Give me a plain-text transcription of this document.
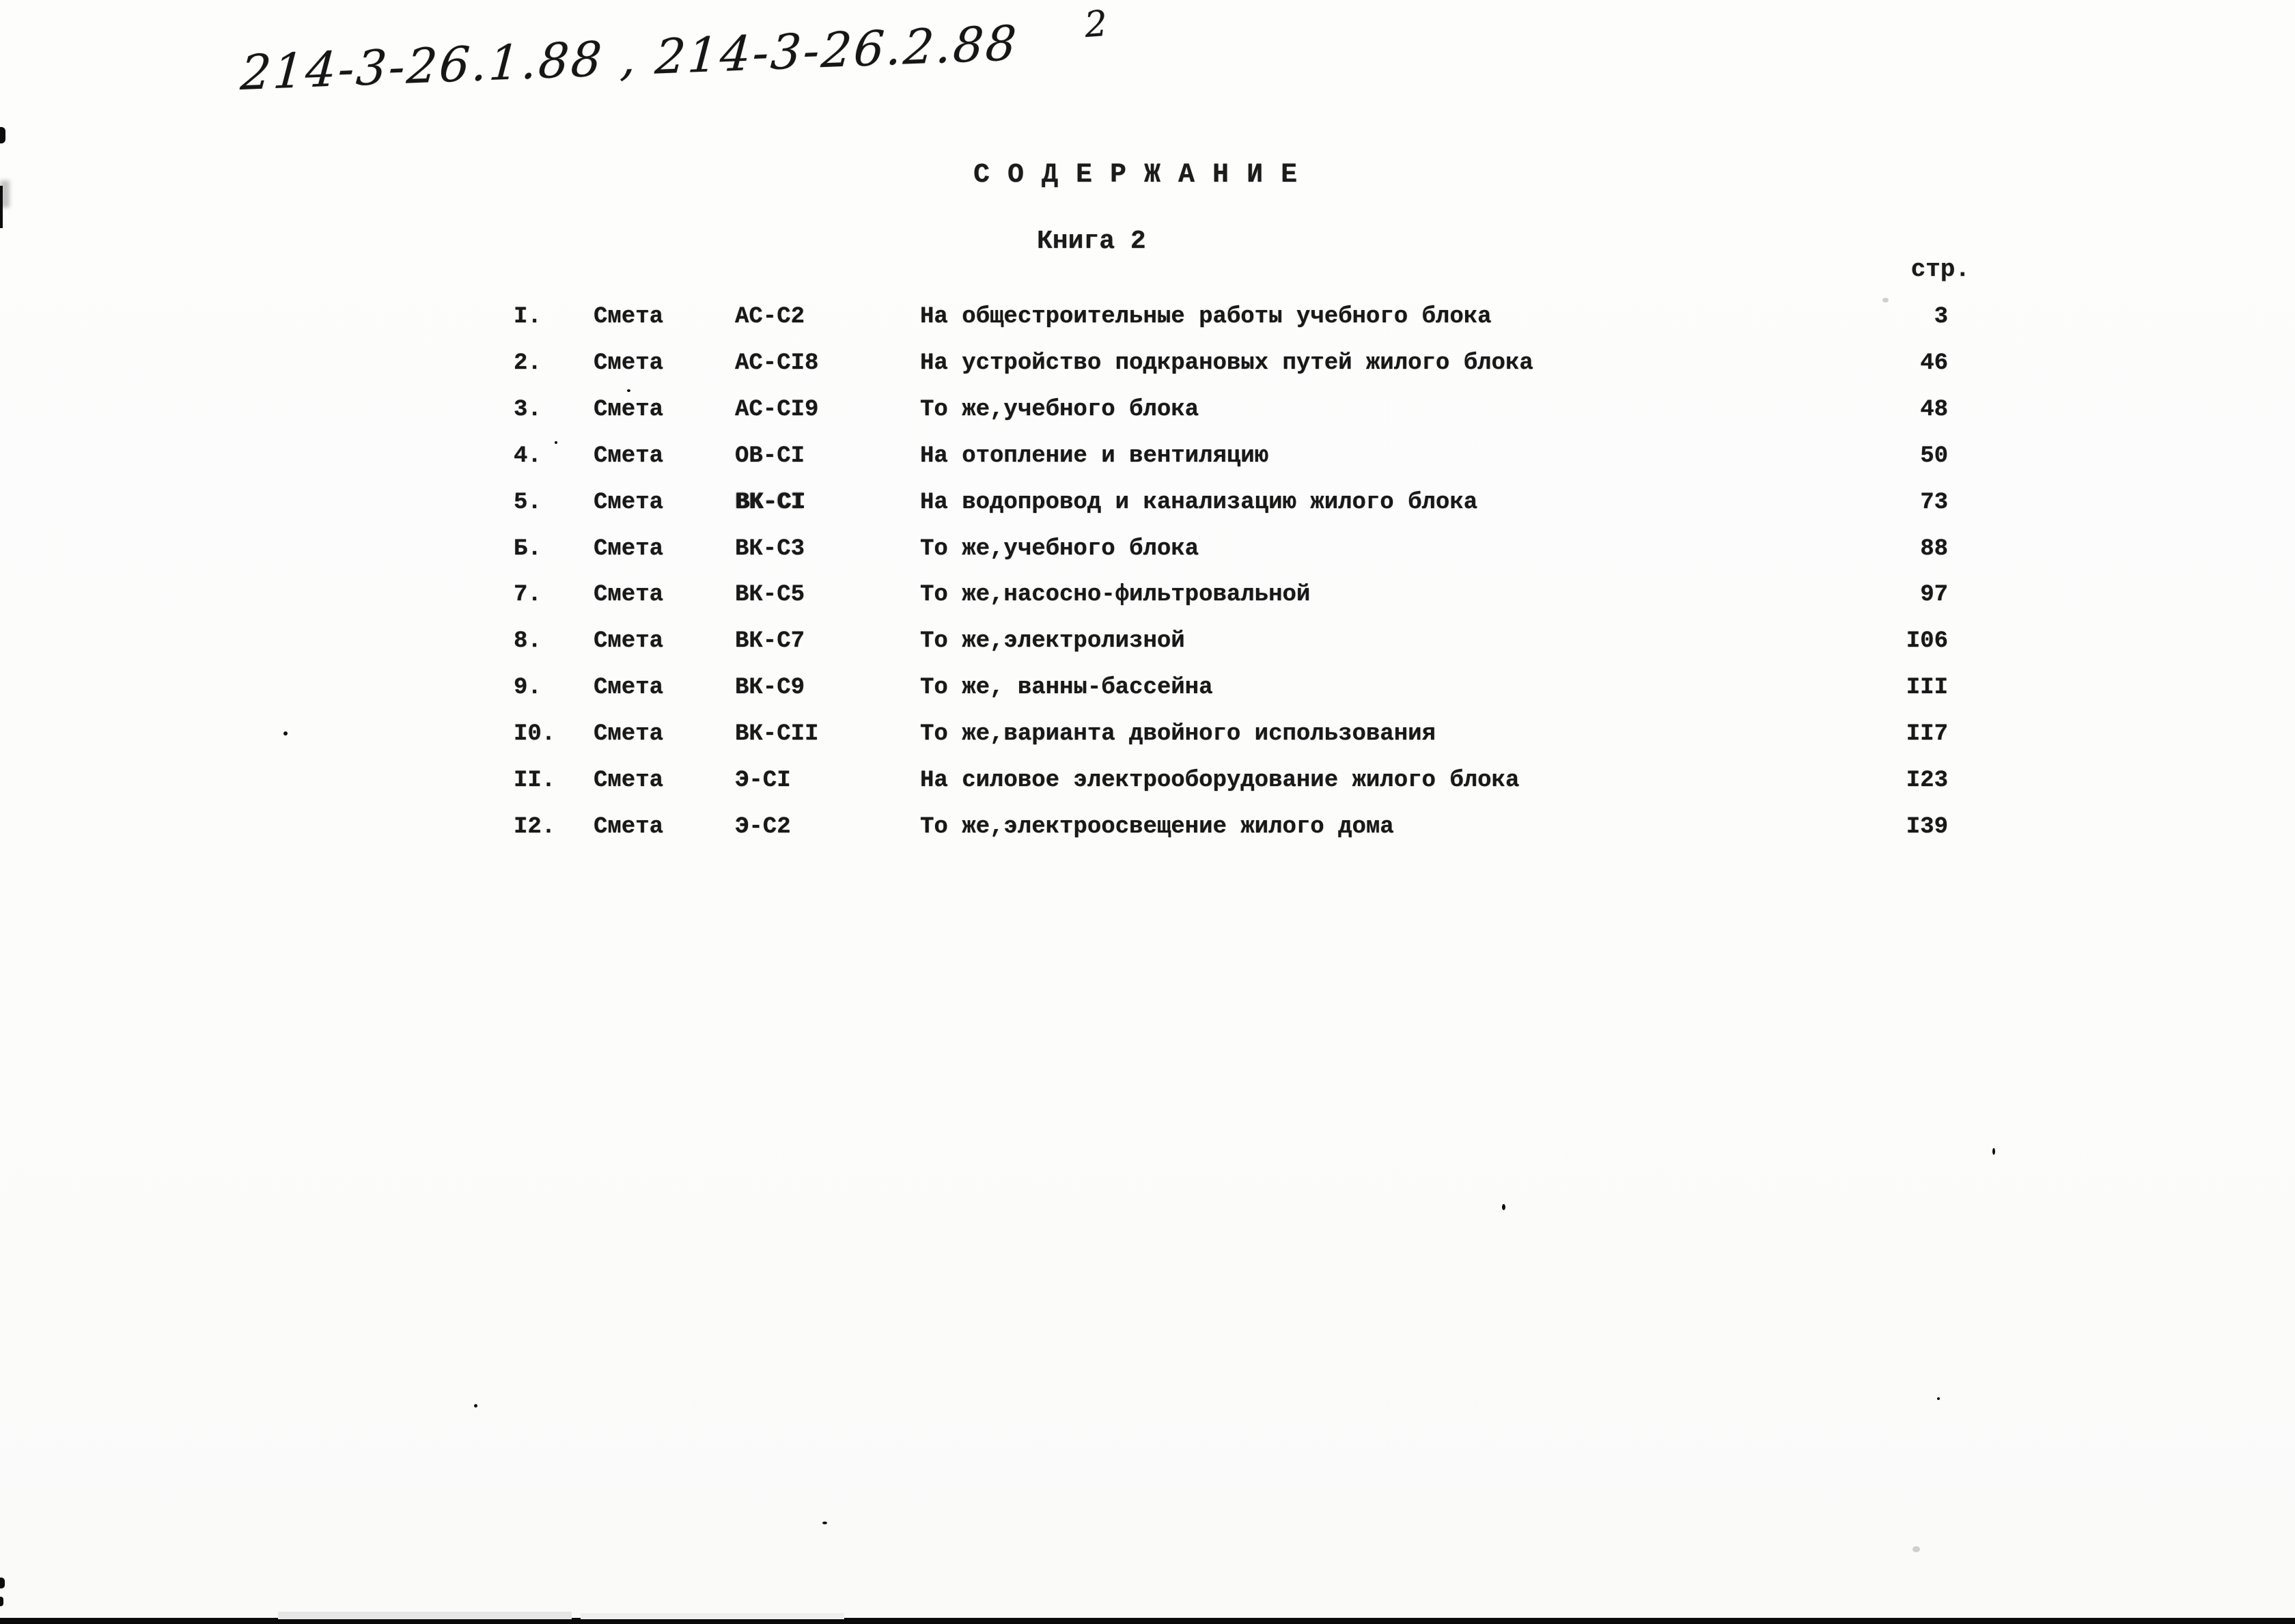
214-3-26.1.88 , 214-3-26.2.88 2
С О Д Е Р Ж А Н И Е
Книга 2
стр.
I. Смета	АС-С2	На общестроительные работы учебного блока	3
2. Смета	АС-СI8	На устройство подкрановых путей жилого блока	46
3. Смета	АС-СI9	То же,учебного блока	48
4. Смета	ОВ-СI	На отопление и вентиляцию	50
5. Смета	ВК-СI	На водопровод и канализацию жилого блока	73
Б. Смета	ВК-С3	То же,учебного блока	88
7. Смета	ВК-С5	То же,насосно-фильтровальной	97
8. Смета	ВК-С7	То же,электролизной	I06
9. Смета	ВК-С9	То же, ванны-бассейна	III
I0. Смета	ВК-СII	То же,варианта двойного использования	II7
II. Смета	Э-СI	На силовое электрооборудование жилого блока	I23
I2. Смета	Э-С2	То же,электроосвещение жилого дома	I39
